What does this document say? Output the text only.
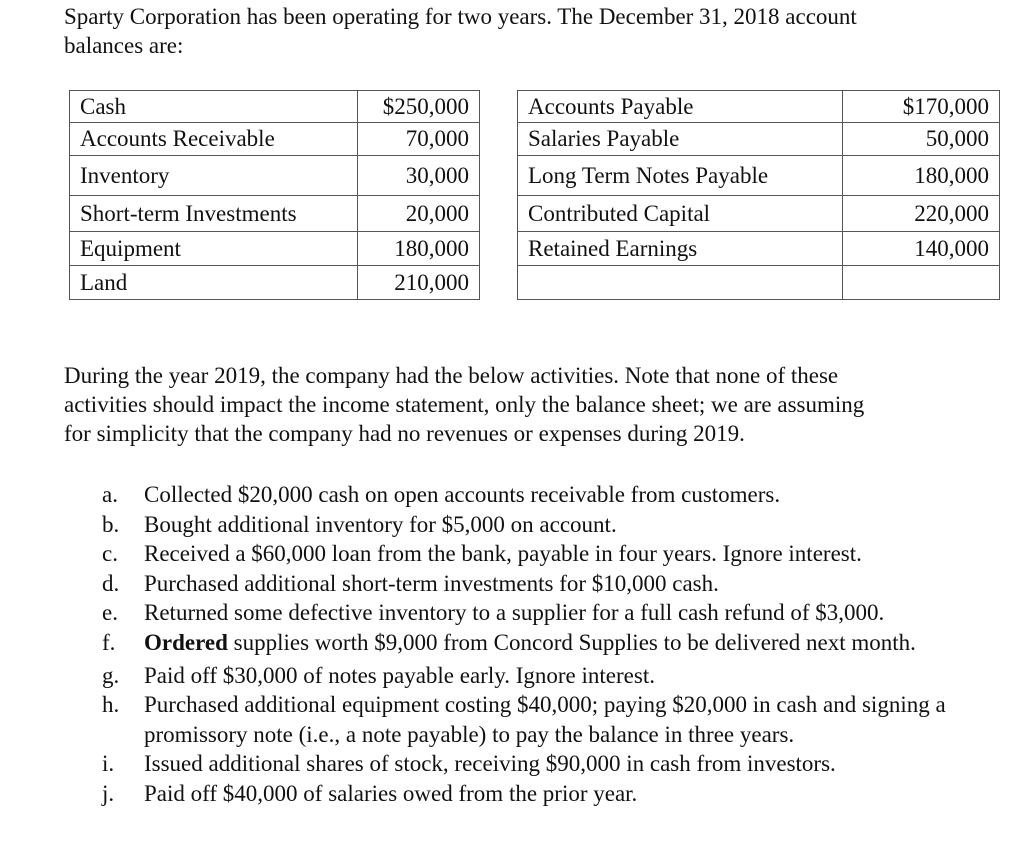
Sparty Corporation has been operating for two years. The December 31, 2018 account
balances are:

Cash	$250,000
Accounts Receivable	70,000
Inventory	30,000
Short-term Investments	20,000
Equipment	180,000
Land	210,000
Accounts Payable	$170,000
Salaries Payable	50,000
Long Term Notes Payable	180,000
Contributed Capital	220,000
Retained Earnings	140,000

During the year 2019, the company had the below activities. Note that none of these
activities should impact the income statement, only the balance sheet; we are assuming
for simplicity that the company had no revenues or expenses during 2019.

a. Collected $20,000 cash on open accounts receivable from customers.
b. Bought additional inventory for $5,000 on account.
c. Received a $60,000 loan from the bank, payable in four years. Ignore interest.
d. Purchased additional short-term investments for $10,000 cash.
e. Returned some defective inventory to a supplier for a full cash refund of $3,000.
f. Ordered supplies worth $9,000 from Concord Supplies to be delivered next month.
g. Paid off $30,000 of notes payable early. Ignore interest.
h. Purchased additional equipment costing $40,000; paying $20,000 in cash and signing a promissory note (i.e., a note payable) to pay the balance in three years.
i. Issued additional shares of stock, receiving $90,000 in cash from investors.
j. Paid off $40,000 of salaries owed from the prior year.
